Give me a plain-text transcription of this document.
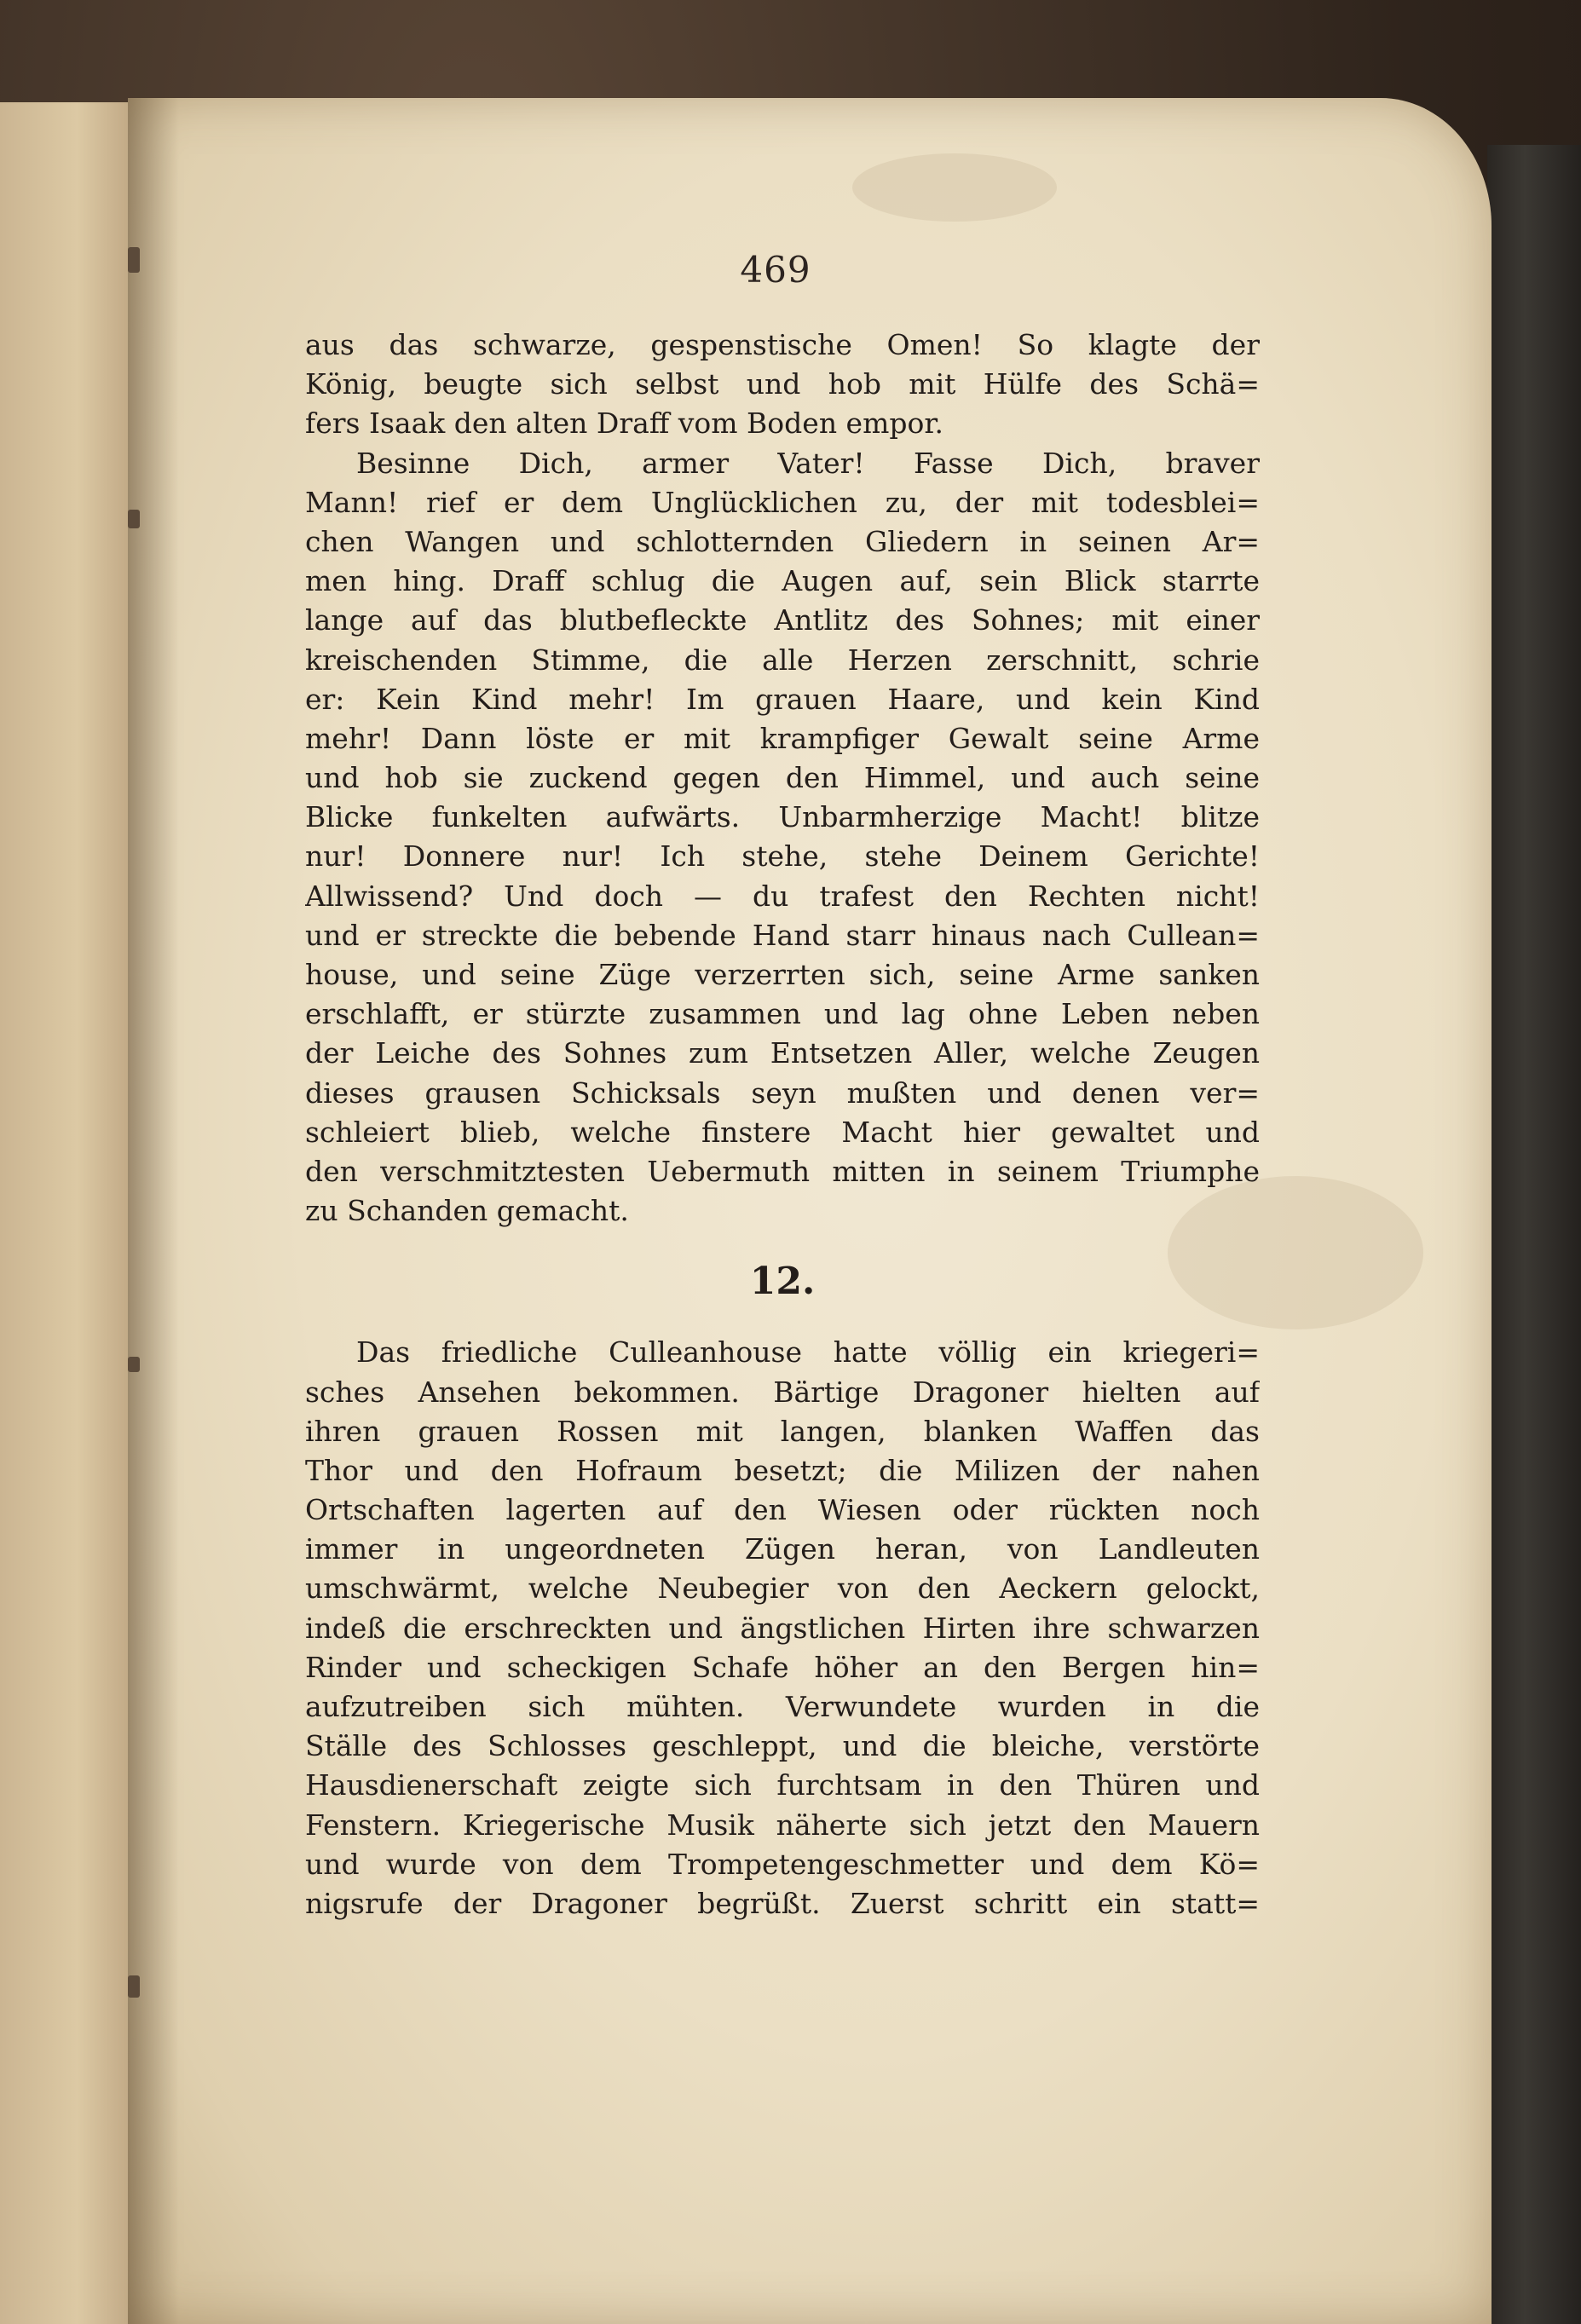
469
aus das schwarze, gespenstische Omen! So klagte der
König, beugte sich selbst und hob mit Hülfe des Schä=
fers Isaak den alten Draff vom Boden empor.
Besinne Dich, armer Vater! Fasse Dich, braver
Mann! rief er dem Unglücklichen zu, der mit todesblei=
chen Wangen und schlotternden Gliedern in seinen Ar=
men hing. Draff schlug die Augen auf, sein Blick starrte
lange auf das blutbefleckte Antlitz des Sohnes; mit einer
kreischenden Stimme, die alle Herzen zerschnitt, schrie
er: Kein Kind mehr! Im grauen Haare, und kein Kind
mehr! Dann löste er mit krampfiger Gewalt seine Arme
und hob sie zuckend gegen den Himmel, und auch seine
Blicke funkelten aufwärts. Unbarmherzige Macht! blitze
nur! Donnere nur! Ich stehe, stehe Deinem Gerichte!
Allwissend? Und doch — du trafest den Rechten nicht!
und er streckte die bebende Hand starr hinaus nach Cullean=
house, und seine Züge verzerrten sich, seine Arme sanken
erschlafft, er stürzte zusammen und lag ohne Leben neben
der Leiche des Sohnes zum Entsetzen Aller, welche Zeugen
dieses grausen Schicksals seyn mußten und denen ver=
schleiert blieb, welche finstere Macht hier gewaltet und
den verschmitztesten Uebermuth mitten in seinem Triumphe
zu Schanden gemacht.
12.
Das friedliche Culleanhouse hatte völlig ein kriegeri=
sches Ansehen bekommen. Bärtige Dragoner hielten auf
ihren grauen Rossen mit langen, blanken Waffen das
Thor und den Hofraum besetzt; die Milizen der nahen
Ortschaften lagerten auf den Wiesen oder rückten noch
immer in ungeordneten Zügen heran, von Landleuten
umschwärmt, welche Neubegier von den Aeckern gelockt,
indeß die erschreckten und ängstlichen Hirten ihre schwarzen
Rinder und scheckigen Schafe höher an den Bergen hin=
aufzutreiben sich mühten. Verwundete wurden in die
Ställe des Schlosses geschleppt, und die bleiche, verstörte
Hausdienerschaft zeigte sich furchtsam in den Thüren und
Fenstern. Kriegerische Musik näherte sich jetzt den Mauern
und wurde von dem Trompetengeschmetter und dem Kö=
nigsrufe der Dragoner begrüßt. Zuerst schritt ein statt=
